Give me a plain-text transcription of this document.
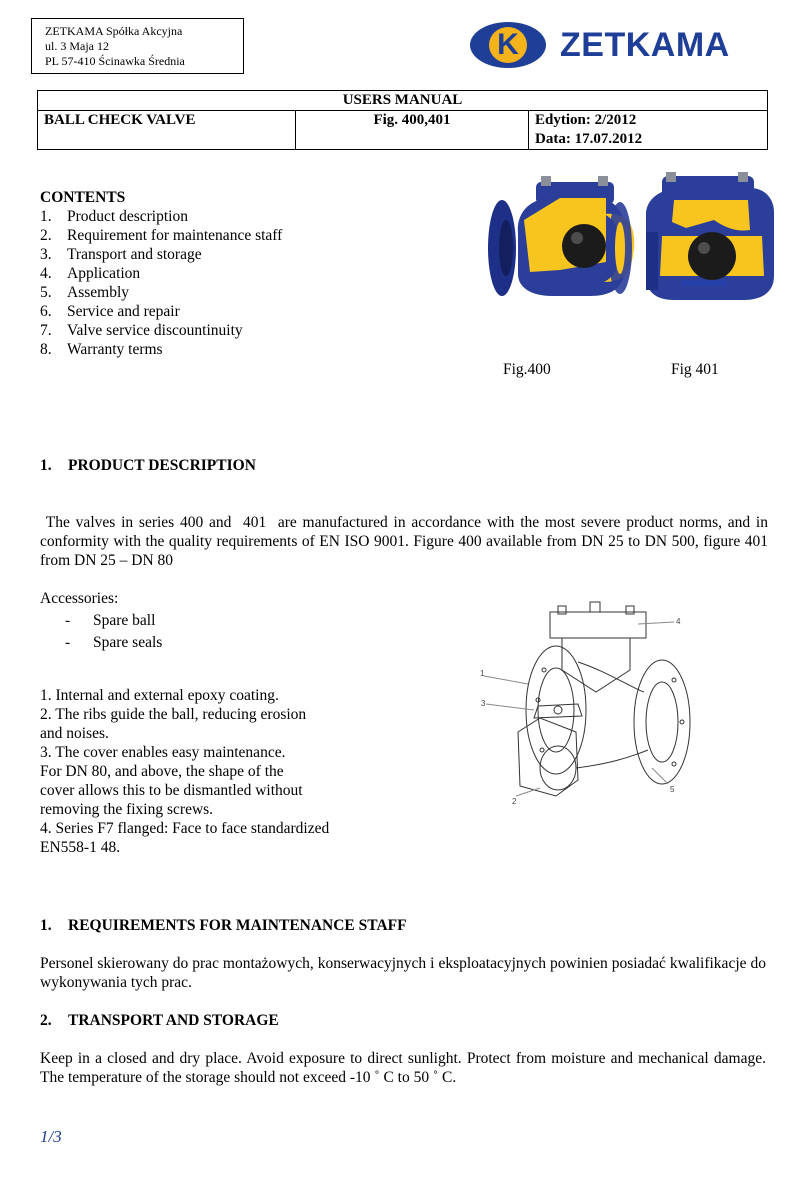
ZETKAMA Spółka Akcyjna
ul. 3 Maja 12
PL 57-410 Ścinawka Średnia	K ZETKAMA
USERS MANUAL
BALL CHECK VALVE	Fig. 400,401	Edytion: 2/2012
Data: 17.07.2012
CONTENTS
1. Product description
2. Requirement for maintenance staff
3. Transport and storage
4. Application
5. Assembly
6. Service and repair
7. Valve service discountinuity
8. Warranty terms
Fig.400	Fig 401
1. PRODUCT DESCRIPTION
The valves in series 400 and  401  are manufactured in accordance with the most severe product norms, and in conformity with the quality requirements of EN ISO 9001. Figure 400 available from DN 25 to DN 500, figure 401 from DN 25 – DN 80
Accessories:
- Spare ball
- Spare seals
1. Internal and external epoxy coating.
2. The ribs guide the ball, reducing erosion
and noises.
3. The cover enables easy maintenance.
For DN 80, and above, the shape of the
cover allows this to be dismantled without
removing the fixing screws.
4. Series F7 flanged: Face to face standardized
EN558-1 48.
1
2
3
4
5
1. REQUIREMENTS FOR MAINTENANCE STAFF
Personel skierowany do prac montażowych, konserwacyjnych i eksploatacyjnych powinien posiadać kwalifikacje do wykonywania tych prac.
2. TRANSPORT AND STORAGE
Keep in a closed and dry place. Avoid exposure to direct sunlight. Protect from moisture and mechanical damage. The temperature of the storage should not exceed -10 ˚ C to 50 ˚ C.
1/3
